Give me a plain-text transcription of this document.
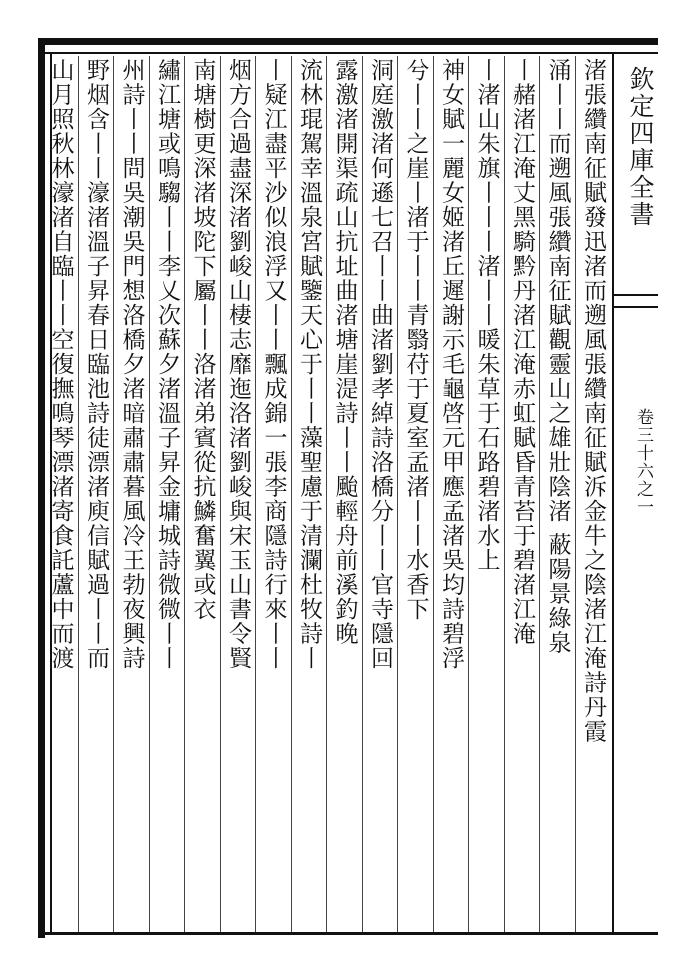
欽定四庫全書
卷三十六之一

渚張纘南征賦發迅渚而遡風張纘南征賦泝金牛之陰渚江淹詩丹霞

涌丨丨而遡風張纘南征賦觀靈山之雄壯陰渚 蔽陽景綠泉

丨赭渚江淹丈黑騎黔丹渚江淹赤虹賦昏青苔于碧渚江淹

丨渚山朱旗丨丨丨渚丨丨暖朱草于石路碧渚水上

神女賦一麗女姬渚丘遲謝示毛龜啓元甲應孟渚吳均詩碧浮

兮丨丨之崖丨渚于丨丨青翳苻于夏室孟渚丨丨水香下

洞庭激渚何遜七召丨丨曲渚劉孝綽詩洛橋分丨丨官寺隱回

露激渚開渠疏山抗址曲渚塘崖湜詩丨丨颱輕舟前溪釣晚

流林琨駕幸溫泉宮賦鑒天心于丨丨藻聖慮于清瀾杜牧詩丨

丨疑江盡平沙似浪浮又丨丨飄成錦一張李商隱詩行來丨丨

烟方合過盡深渚劉峻山棲志靡迤洛渚劉峻與宋玉山書令賢

南塘樹更深渚坡陀下屬丨丨洛渚弟賓從抗鱗奮翼或衣

繡江塘或鳴騶丨丨李乂次蘇夕渚溫子昇金墉城詩微微丨丨

州詩丨丨問吳潮吳門想洛橋夕渚暗肅肅暮風冷王勃夜興詩

野烟含丨丨濠渚溫子昇春日臨池詩徒漂渚庾信賦過丨丨而

山月照秋林濠渚自臨丨丨空復撫鳴琴漂渚寄食託蘆中而渡
